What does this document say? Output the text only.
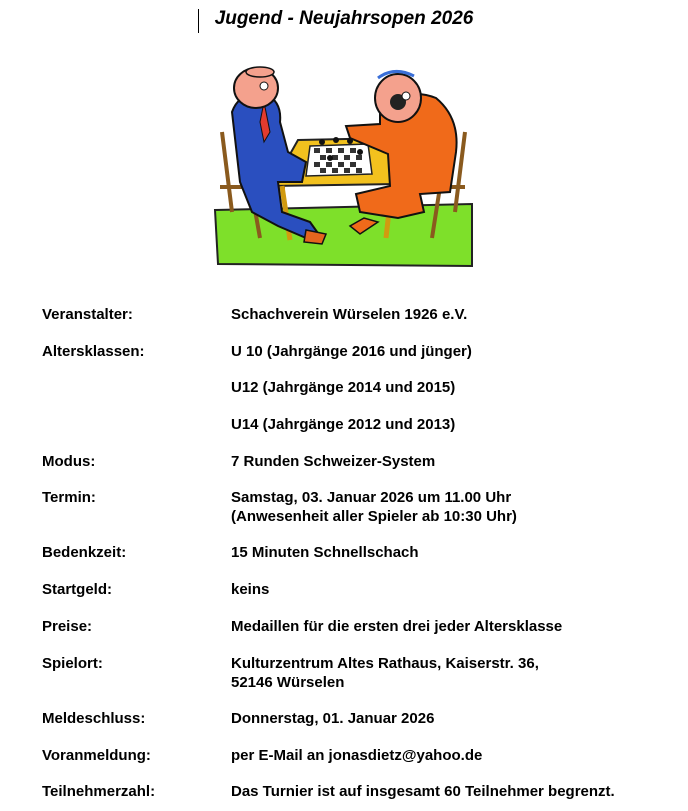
Jugend - Neujahrsopen 2026
Veranstalter:	Schachverein Würselen 1926 e.V.
Altersklassen:	U 10 (Jahrgänge 2016 und jünger)
U12 (Jahrgänge 2014 und 2015)
U14 (Jahrgänge 2012 und 2013)
Modus:	7 Runden Schweizer-System
Termin:	Samstag, 03. Januar 2026 um 11.00 Uhr
(Anwesenheit aller Spieler ab 10:30 Uhr)
Bedenkzeit:	15 Minuten Schnellschach
Startgeld:	keins
Preise:	Medaillen für die ersten drei jeder Altersklasse
Spielort:	Kulturzentrum Altes Rathaus, Kaiserstr. 36,
52146 Würselen
Meldeschluss:	Donnerstag, 01. Januar 2026
Voranmeldung:	per E-Mail an jonasdietz@yahoo.de
Teilnehmerzahl:	Das Turnier ist auf insgesamt 60 Teilnehmer begrenzt.
